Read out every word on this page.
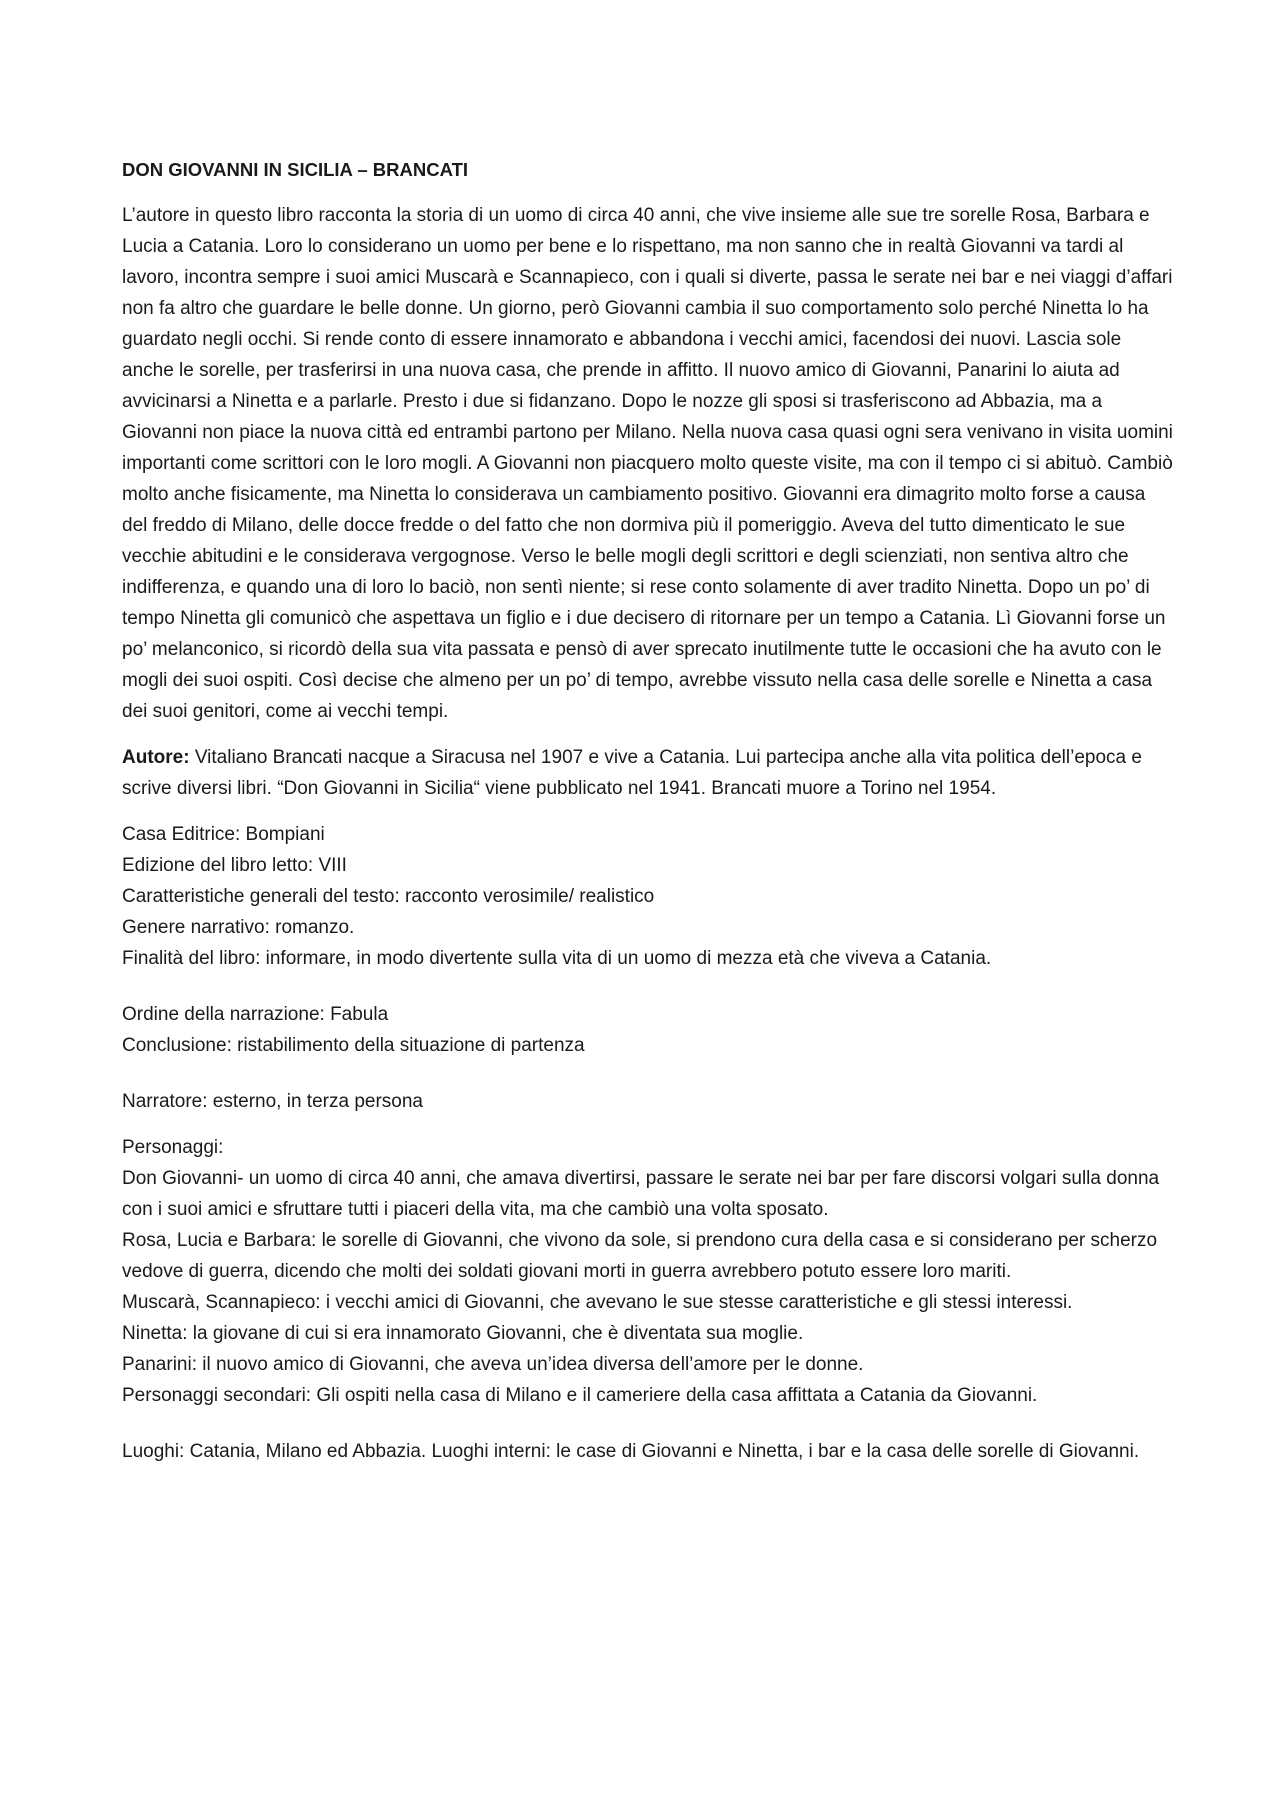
DON GIOVANNI IN SICILIA – BRANCATI
L’autore in questo libro racconta la storia di un uomo di circa 40 anni, che vive insieme alle sue tre sorelle Rosa, Barbara e Lucia a Catania. Loro lo considerano un uomo per bene e lo rispettano, ma non sanno che in realtà Giovanni va tardi al lavoro, incontra sempre i suoi amici Muscarà e Scannapieco, con i quali si diverte, passa le serate nei bar e nei viaggi d’affari non fa altro che guardare le belle donne. Un giorno, però Giovanni cambia il suo comportamento solo perché Ninetta lo ha guardato negli occhi. Si rende conto di essere innamorato e abbandona i vecchi amici, facendosi dei nuovi. Lascia sole anche le sorelle, per trasferirsi in una nuova casa, che prende in affitto. Il nuovo amico di Giovanni, Panarini lo aiuta ad avvicinarsi a Ninetta e a parlarle. Presto i due si fidanzano. Dopo le nozze gli sposi si trasferiscono ad Abbazia, ma a Giovanni non piace la nuova città ed entrambi partono per Milano. Nella nuova casa quasi ogni sera venivano in visita uomini importanti come scrittori con le loro mogli. A Giovanni non piacquero molto queste visite, ma con il tempo ci si abituò. Cambiò molto anche fisicamente, ma Ninetta lo considerava un cambiamento positivo. Giovanni era dimagrito molto forse a causa del freddo di Milano, delle docce fredde o del fatto che non dormiva più il pomeriggio. Aveva del tutto dimenticato le sue vecchie abitudini e le considerava vergognose. Verso le belle mogli degli scrittori e degli scienziati, non sentiva altro che indifferenza, e quando una di loro lo baciò, non sentì niente; si rese conto solamente di aver tradito Ninetta. Dopo un po’ di tempo Ninetta gli comunicò che aspettava un figlio e i due decisero di ritornare per un tempo a Catania. Lì Giovanni forse un po’ melanconico, si ricordò della sua vita passata e pensò di aver sprecato inutilmente tutte le occasioni che ha avuto con le mogli dei suoi ospiti. Così decise che almeno per un po’ di tempo, avrebbe vissuto nella casa delle sorelle e Ninetta a casa dei suoi genitori, come ai vecchi tempi.
Autore: Vitaliano Brancati nacque a Siracusa nel 1907 e vive a Catania. Lui partecipa anche alla vita politica dell’epoca e scrive diversi libri. “Don Giovanni in Sicilia“ viene pubblicato nel 1941. Brancati muore a Torino nel 1954.
Casa Editrice: Bompiani
Edizione del libro letto: VIII
Caratteristiche generali del testo: racconto verosimile/ realistico
Genere narrativo: romanzo.
Finalità del libro: informare, in modo divertente sulla vita di un uomo di mezza età che viveva a Catania.
Ordine della narrazione: Fabula
Conclusione: ristabilimento della situazione di partenza
Narratore: esterno, in terza persona
Personaggi:
Don Giovanni- un uomo di circa 40 anni, che amava divertirsi, passare le serate nei bar per fare discorsi volgari sulla donna con i suoi amici e sfruttare tutti i piaceri della vita, ma che cambiò una volta sposato.
Rosa, Lucia e Barbara: le sorelle di Giovanni, che vivono da sole, si prendono cura della casa e si considerano per scherzo vedove di guerra, dicendo che molti dei soldati giovani morti in guerra avrebbero potuto essere loro mariti.
Muscarà, Scannapieco: i vecchi amici di Giovanni, che avevano le sue stesse caratteristiche e gli stessi interessi.
Ninetta: la giovane di cui si era innamorato Giovanni, che è diventata sua moglie.
Panarini: il nuovo amico di Giovanni, che aveva un’idea diversa dell’amore per le donne.
Personaggi secondari: Gli ospiti nella casa di Milano e il cameriere della casa affittata a Catania da Giovanni.
Luoghi: Catania, Milano ed Abbazia. Luoghi interni: le case di Giovanni e Ninetta, i bar e la casa delle sorelle di Giovanni.
